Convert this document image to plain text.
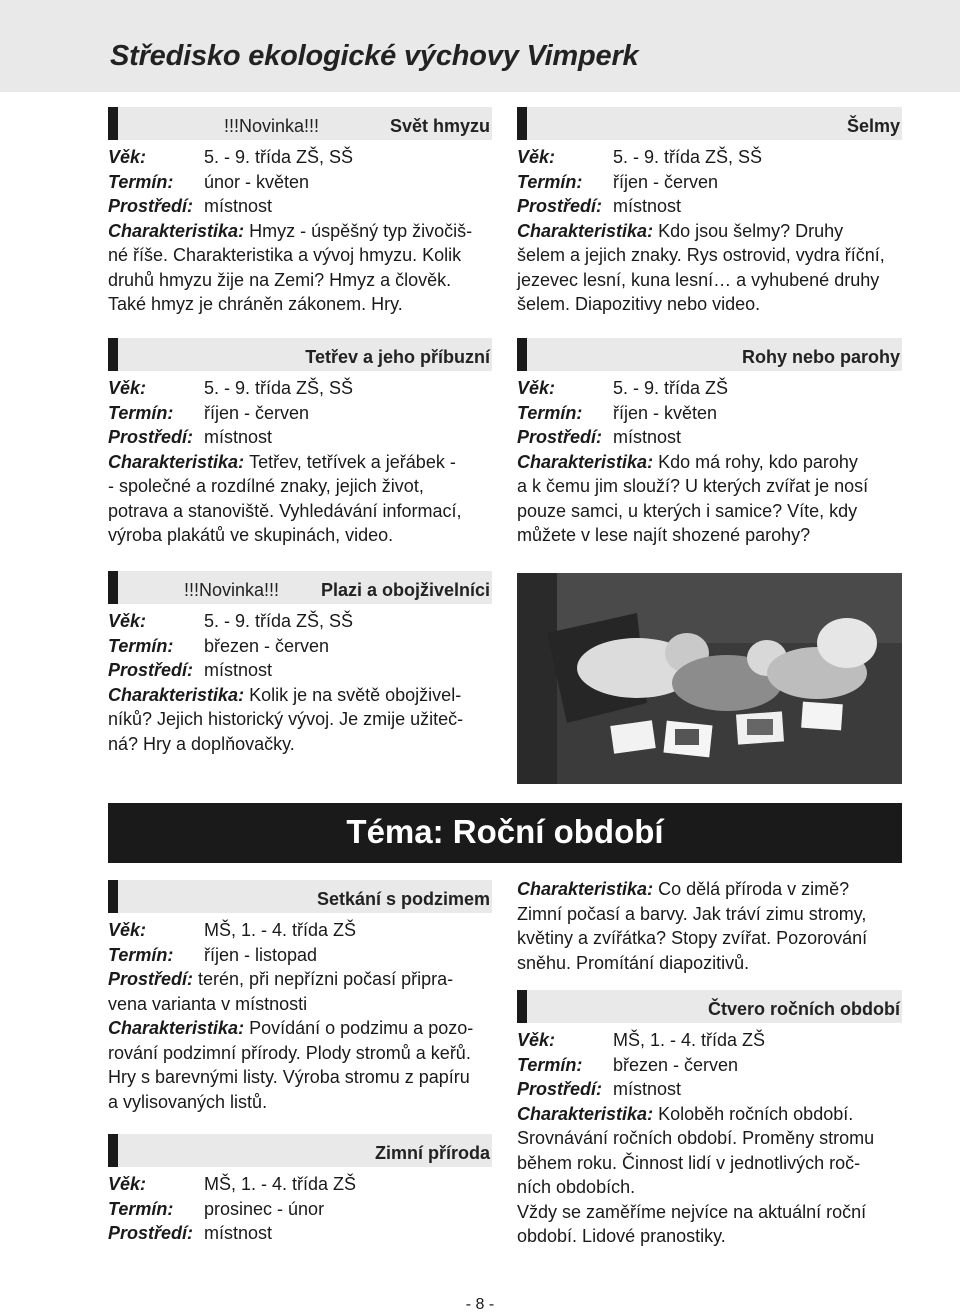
Středisko ekologické výchovy Vimperk
!!!Novinka!!!	Svět hmyzu
Věk:	5. - 9. třída ZŠ, SŠ
Termín:	únor - květen
Prostředí: místnost
Charakteristika: Hmyz - úspěšný typ živočiš-
né říše. Charakteristika a vývoj hmyzu. Kolik
druhů hmyzu žije na Zemi? Hmyz a člověk.
Také hmyz je chráněn zákonem. Hry.
Tetřev a jeho příbuzní
Věk:	5. - 9. třída ZŠ, SŠ
Termín:	říjen - červen
Prostředí: místnost
Charakteristika: Tetřev, tetřívek a jeřábek -
- společné a rozdílné znaky, jejich život,
potrava a stanoviště. Vyhledávání informací,
výroba plakátů ve skupinách, video.
!!!Novinka!!! Plazi a obojživelníci
Věk:	5. - 9. třída ZŠ, SŠ
Termín:	březen - červen
Prostředí: místnost
Charakteristika: Kolik je na světě obojživel-
níků? Jejich historický vývoj. Je zmije užiteč-
ná? Hry a doplňovačky.
Šelmy
Věk:	5. - 9. třída ZŠ, SŠ
Termín:	říjen - červen
Prostředí: místnost
Charakteristika: Kdo jsou šelmy? Druhy
šelem a jejich znaky. Rys ostrovid, vydra říční,
jezevec lesní, kuna lesní… a vyhubené druhy
šelem. Diapozitivy nebo video.
Rohy nebo parohy
Věk:	5. - 9. třída ZŠ
Termín:	říjen - květen
Prostředí: místnost
Charakteristika: Kdo má rohy, kdo parohy
a k čemu jim slouží? U kterých zvířat je nosí
pouze samci, u kterých i samice? Víte, kdy
můžete v lese najít shozené parohy?
Téma: Roční období
Setkání s podzimem
Věk:	MŠ, 1. - 4. třída ZŠ
Termín:	říjen - listopad
Prostředí: terén, při nepřízni počasí připra-
vena varianta v místnosti
Charakteristika: Povídání o podzimu a pozo-
rování podzimní přírody. Plody stromů a keřů.
Hry s barevnými listy. Výroba stromu z papíru
a vylisovaných listů.
Zimní příroda
Věk:	MŠ, 1. - 4. třída ZŠ
Termín:	prosinec - únor
Prostředí: místnost
Charakteristika: Co dělá příroda v zimě?
Zimní počasí a barvy. Jak tráví zimu stromy,
květiny a zvířátka? Stopy zvířat. Pozorování
sněhu. Promítání diapozitivů.
Čtvero ročních období
Věk:	MŠ, 1. - 4. třída ZŠ
Termín:	březen - červen
Prostředí: místnost
Charakteristika: Koloběh ročních období.
Srovnávání ročních období. Proměny stromu
během roku. Činnost lidí v jednotlivých roč-
ních obdobích.
Vždy se zaměříme nejvíce na aktuální roční
období. Lidové pranostiky.
- 8 -
